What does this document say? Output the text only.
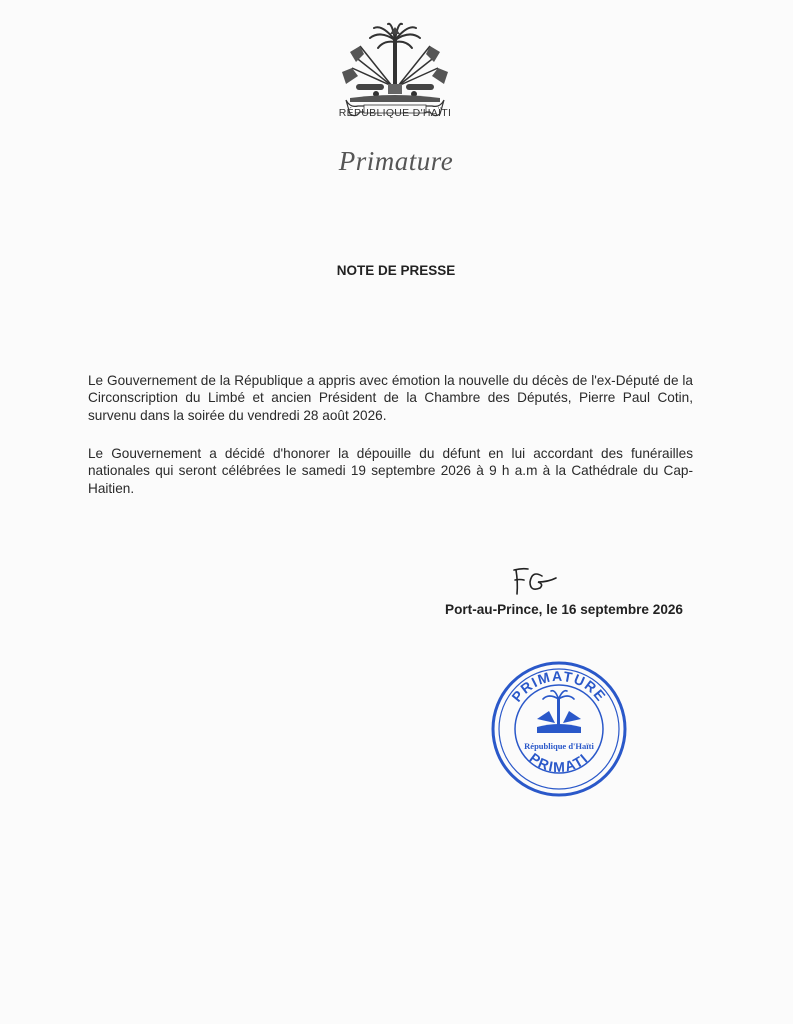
RÉPUBLIQUE D'HAÏTI
Primature
NOTE DE PRESSE

Le Gouvernement de la République a appris avec émotion la nouvelle du décès de l'ex-Député de la Circonscription du Limbé et ancien Président de la Chambre des Députés, Pierre Paul Cotin, survenu dans la soirée du vendredi 28 août 2026.

Le Gouvernement a décidé d'honorer la dépouille du défunt en lui accordant des funérailles nationales qui seront célébrées le samedi 19 septembre 2026 à 9 h a.m à la Cathédrale du Cap-Haitien.

Port-au-Prince, le 16 septembre 2026
PRIMATURE
PRIMATI
République d'Haïti
